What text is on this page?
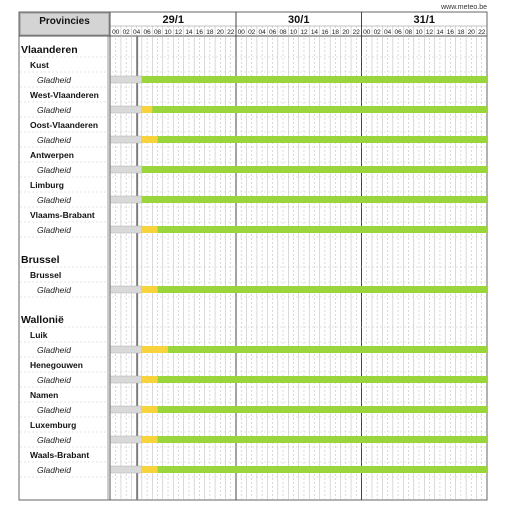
Provincies
www.meteo.be
29/1
00 02 04 06 08 10 12 14 16 18 20 22
30/1
00 02 04 06 08 10 12 14 16 18 20 22
31/1
00 02 04 06 08 10 12 14 16 18 20 22
Vlaanderen
Kust
Gladheid
West-Vlaanderen
Gladheid
Oost-Vlaanderen
Gladheid
Antwerpen
Gladheid
Limburg
Gladheid
Vlaams-Brabant
Gladheid
Brussel
Brussel
Gladheid
Wallonië
Luik
Gladheid
Henegouwen
Gladheid
Namen
Gladheid
Luxemburg
Gladheid
Waals-Brabant
Gladheid
